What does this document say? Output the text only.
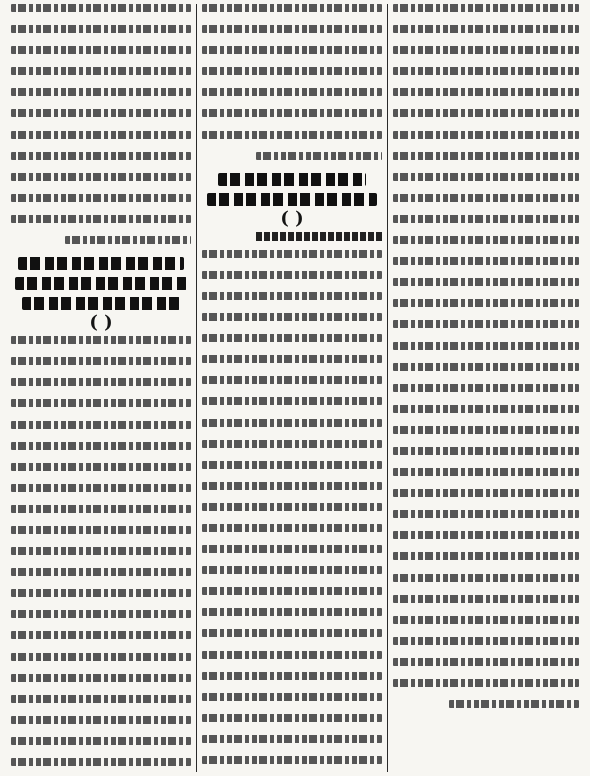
( )
( )
